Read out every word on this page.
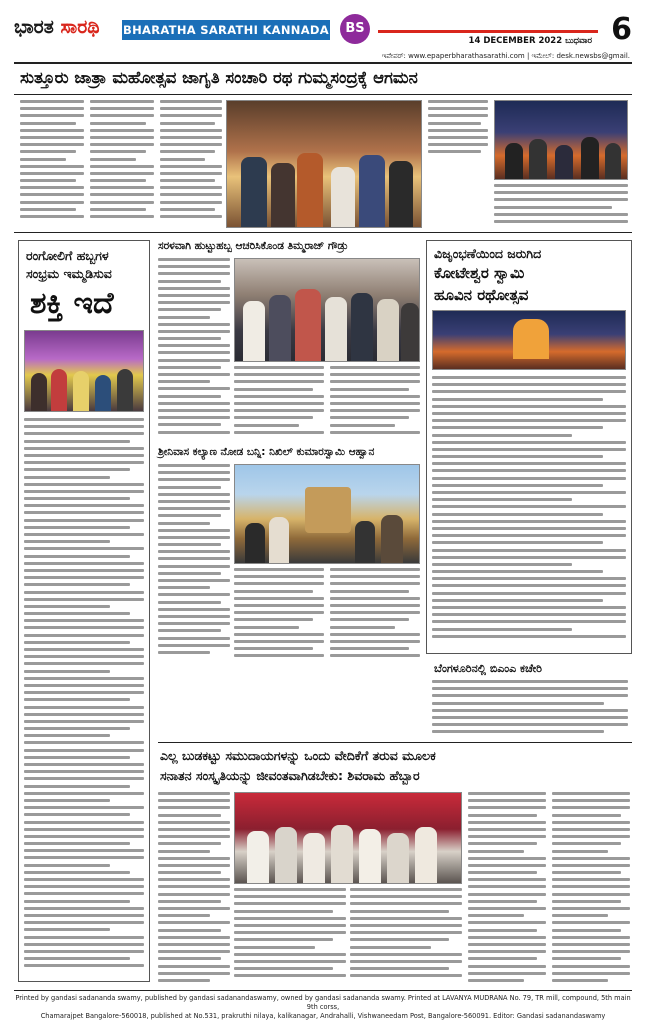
ಭಾರತ ಸಾರಥಿ BHARATHA SARATHI KANNADA DAILY
BS
14 DECEMBER 2022 ಬುಧವಾರ 6
ಇಪೇಪರ್: www.epaperbharathasarathi.com | ಇಮೇಲ್: desk.newsbs@gmail.
ಸುತ್ತೂರು ಜಾತ್ರಾ ಮಹೋತ್ಸವ ಜಾಗೃತಿ ಸಂಚಾರಿ ರಥ ಗುಮ್ಮಸಂದ್ರಕ್ಕೆ ಆಗಮನ
ರಂಗೋಲಿಗೆ ಹಬ್ಬಗಳ
ಸಂಭ್ರಮ ಇಮ್ಮಡಿಸುವ
ಶಕ್ತಿ ಇದೆ
ಸರಳವಾಗಿ ಹುಟ್ಟುಹಬ್ಬ ಆಚರಿಸಿಕೊಂಡ ತಿಮ್ಮರಾಜ್ ಗೌಡ್ರು
ಶ್ರೀನಿವಾಸ ಕಲ್ಯಾಣ ನೋಡ ಬನ್ನಿ: ನಿಖಿಲ್ ಕುಮಾರಸ್ವಾಮಿ ಆಹ್ವಾನ
ವಿಜೃಂಭಣೆಯಿಂದ ಜರುಗಿದ
ಕೋಟೇಶ್ವರ ಸ್ವಾಮಿ
ಹೂವಿನ ರಥೋತ್ಸವ
ಬೆಂಗಳೂರಿನಲ್ಲಿ ಬಿಎಂಎ ಕಚೇರಿ
ಎಲ್ಲ ಬುಡಕಟ್ಟು ಸಮುದಾಯಗಳನ್ನು ಒಂದು ವೇದಿಕೆಗೆ ತರುವ ಮೂಲಕ
ಸನಾತನ ಸಂಸ್ಕೃತಿಯನ್ನು ಜೀವಂತವಾಗಿಡಬೇಕು: ಶಿವರಾಮ ಹೆಬ್ಬಾರ
Printed by gandasi sadananda swamy, published by gandasi sadanandaswamy, owned by gandasi sadananda swamy. Printed at LAVANYA MUDRANA No. 79, TR mill, compound, 5th main 9th corss,
Chamarajpet Bangalore-560018, published at No.531, prakruthi nilaya, kalikanagar, Andrahalli, Vishwaneedam Post, Bangalore-560091. Editor: Gandasi sadanandaswamy
